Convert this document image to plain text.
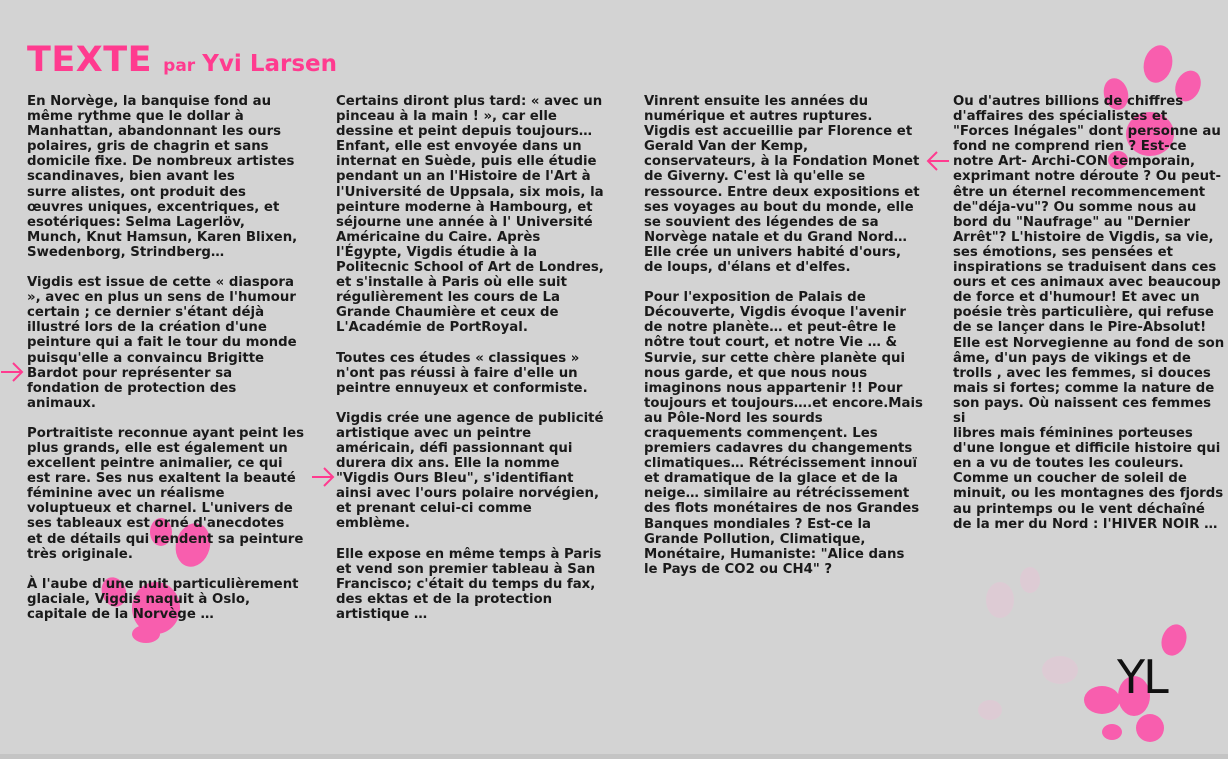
TEXTE par Yvi Larsen

En Norvège, la banquise fond au
même rythme que le dollar à
Manhattan, abandonnant les ours
polaires, gris de chagrin et sans
domicile fixe. De nombreux artistes
scandinaves, bien avant les
surre alistes, ont produit des
œuvres uniques, excentriques, et
esotériques: Selma Lagerlöv,
Munch, Knut Hamsun, Karen Blixen,
Swedenborg, Strindberg…

Vigdis est issue de cette « diaspora
», avec en plus un sens de l'humour
certain ; ce dernier s'étant déjà
illustré lors de la création d'une
peinture qui a fait le tour du monde
puisqu'elle a convaincu Brigitte
Bardot pour représenter sa
fondation de protection des
animaux.

Portraitiste reconnue ayant peint les
plus grands, elle est également un
excellent peintre animalier, ce qui
est rare. Ses nus exaltent la beauté
féminine avec un réalisme
voluptueux et charnel. L'univers de
ses tableaux est orné d'anecdotes
et de détails qui rendent sa peinture
très originale.

À l'aube d'une nuit particulièrement
glaciale, Vigdis naquit à Oslo,
capitale de la Norvège …

Certains diront plus tard: « avec un
pinceau à la main ! », car elle
dessine et peint depuis toujours…
Enfant, elle est envoyée dans un
internat en Suède, puis elle étudie
pendant un an l'Histoire de l'Art à
l'Université de Uppsala, six mois, la
peinture moderne à Hambourg, et
séjourne une année à l' Université
Américaine du Caire. Après
l'Égypte, Vigdis étudie à la
Politecnic School of Art de Londres,
et s'installe à Paris où elle suit
régulièrement les cours de La
Grande Chaumière et ceux de
L'Académie de PortRoyal.

Toutes ces études « classiques »
n'ont pas réussi à faire d'elle un
peintre ennuyeux et conformiste.

Vigdis crée une agence de publicité
artistique avec un peintre
américain, défi passionnant qui
durera dix ans. Elle la nomme
"Vigdis Ours Bleu", s'identifiant
ainsi avec l'ours polaire norvégien,
et prenant celui-ci comme
emblème.

Elle expose en même temps à Paris
et vend son premier tableau à San
Francisco; c'était du temps du fax,
des ektas et de la protection
artistique …

Vinrent ensuite les années du
numérique et autres ruptures.
Vigdis est accueillie par Florence et
Gerald Van der Kemp,
conservateurs, à la Fondation Monet
de Giverny. C'est là qu'elle se
ressource. Entre deux expositions et
ses voyages au bout du monde, elle
se souvient des légendes de sa
Norvège natale et du Grand Nord…
Elle crée un univers habité d'ours,
de loups, d'élans et d'elfes.

Pour l'exposition de Palais de
Découverte, Vigdis évoque l'avenir
de notre planète… et peut-être le
nôtre tout court, et notre Vie … &
Survie, sur cette chère planète qui
nous garde, et que nous nous
imaginons nous appartenir !! Pour
toujours et toujours….et encore.Mais
au Pôle-Nord les sourds
craquements commençent. Les
premiers cadavres du changements
climatiques… Rétrécissement innouï
et dramatique de la glace et de la
neige… similaire au rétrécissement
des flots monétaires de nos Grandes
Banques mondiales ? Est-ce la
Grande Pollution, Climatique,
Monétaire, Humaniste: "Alice dans
le Pays de CO2 ou CH4" ?

Ou d'autres billions de chiffres
d'affaires des spécialistes et
"Forces Inégales" dont personne au
fond ne comprend rien ? Est-ce
notre Art- Archi-CON temporain,
exprimant notre déroute ? Ou peut-
être un éternel recommencement
de"déja-vu"? Ou somme nous au
bord du "Naufrage" au "Dernier
Arrêt"? L'histoire de Vigdis, sa vie,
ses émotions, ses pensées et
inspirations se traduisent dans ces
ours et ces animaux avec beaucoup
de force et d'humour! Et avec un
poésie très particulière, qui refuse
de se lançer dans le Pire-Absolut!
Elle est Norvegienne au fond de son
âme, d'un pays de vikings et de
trolls , avec les femmes, si douces
mais si fortes; comme la nature de
son pays. Où naissent ces femmes si
libres mais féminines porteuses
d'une longue et difficile histoire qui
en a vu de toutes les couleurs.
Comme un coucher de soleil de
minuit, ou les montagnes des fjords
au printemps ou le vent déchaîné
de la mer du Nord : l'HIVER NOIR …

YL
